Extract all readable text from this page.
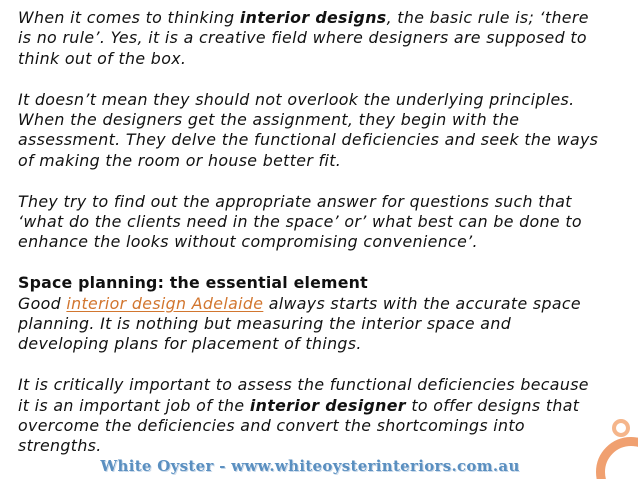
When it comes to thinking interior designs, the basic rule is; ‘there is no rule’. Yes, it is a creative field where designers are supposed to think out of the box.

It doesn’t mean they should not overlook the underlying principles. When the designers get the assignment, they begin with the assessment. They delve the functional deficiencies and seek the ways of making the room or house better fit.

They try to find out the appropriate answer for questions such that ‘what do the clients need in the space’ or’ what best can be done to enhance the looks without compromising convenience’.

Space planning: the essential element
Good interior design Adelaide always starts with the accurate space planning. It is nothing but measuring the interior space and developing plans for placement of things.

It is critically important to assess the functional deficiencies because it is an important job of the interior designer to offer designs that overcome the deficiencies and convert the shortcomings into strengths.

White Oyster - www.whiteoysterinteriors.com.au
